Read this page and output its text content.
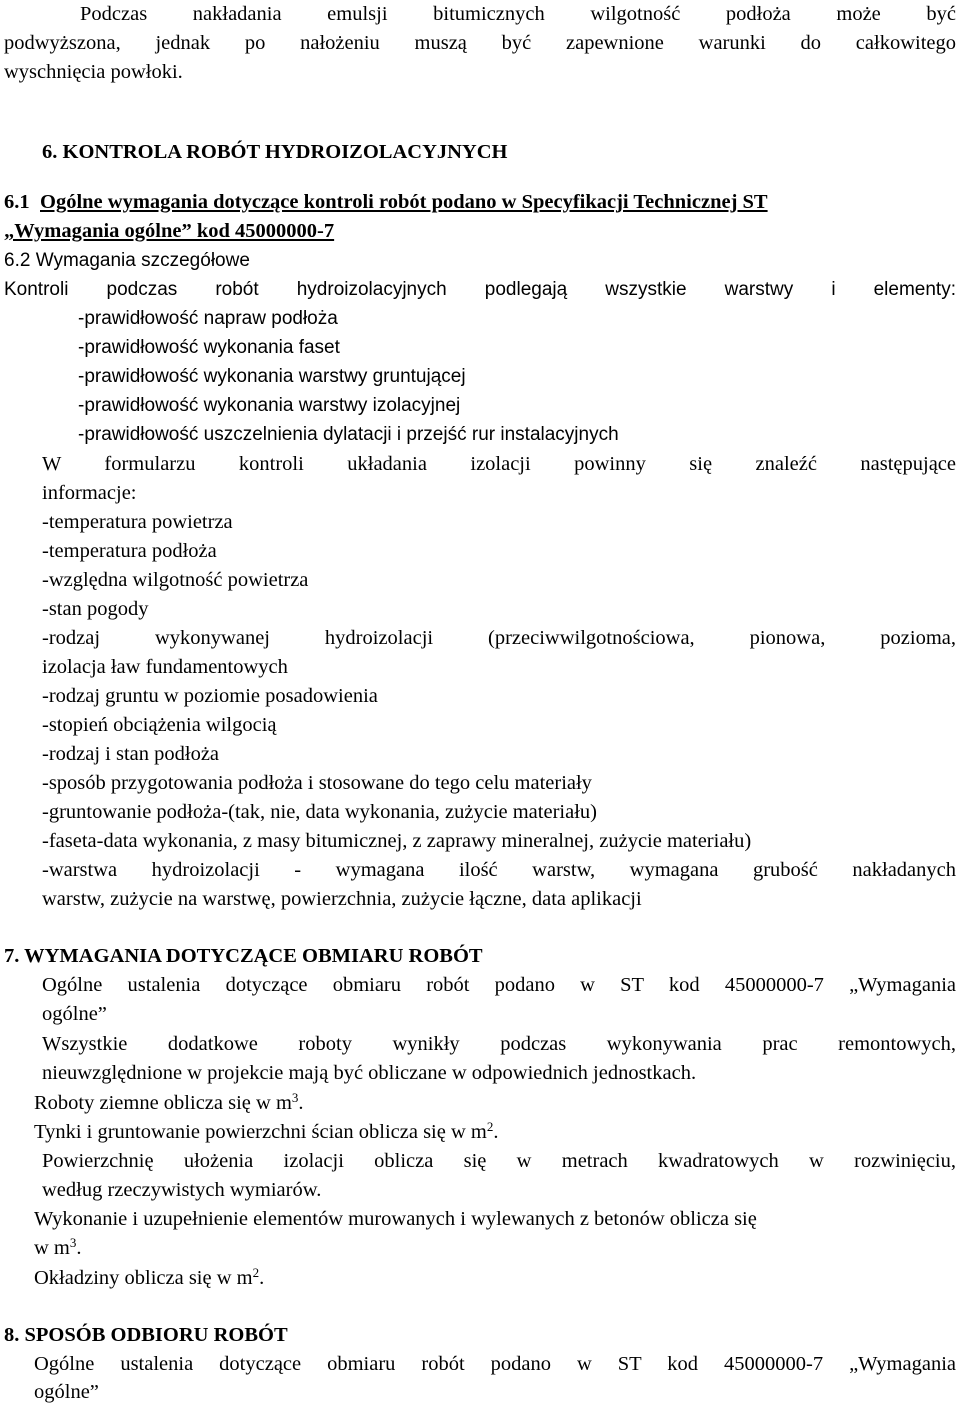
Podczas nakładania emulsji bitumicznych wilgotność podłoża może być
podwyższona, jednak po nałożeniu muszą być zapewnione warunki do całkowitego
wyschnięcia powłoki.
6. KONTROLA ROBÓT HYDROIZOLACYJNYCH
6.1 Ogólne wymagania dotyczące kontroli robót podano w Specyfikacji Technicznej ST
„Wymagania ogólne” kod 45000000-7
6.2 Wymagania szczegółowe
Kontroli podczas robót hydroizolacyjnych podlegają wszystkie warstwy i elementy:
-prawidłowość napraw podłoża
-prawidłowość wykonania faset
-prawidłowość wykonania warstwy gruntującej
-prawidłowość wykonania warstwy izolacyjnej
-prawidłowość uszczelnienia dylatacji i przejść rur instalacyjnych
W formularzu kontroli układania izolacji powinny się znaleźć następujące
informacje:
-temperatura powietrza
-temperatura podłoża
-względna wilgotność powietrza
-stan pogody
-rodzaj wykonywanej hydroizolacji (przeciwwilgotnościowa, pionowa, pozioma,
izolacja ław fundamentowych
-rodzaj gruntu w poziomie posadowienia
-stopień obciążenia wilgocią
-rodzaj i stan podłoża
-sposób przygotowania podłoża i stosowane do tego celu materiały
-gruntowanie podłoża-(tak, nie, data wykonania, zużycie materiału)
-faseta-data wykonania, z masy bitumicznej, z zaprawy mineralnej, zużycie materiału)
-warstwa hydroizolacji - wymagana ilość warstw, wymagana grubość nakładanych
warstw, zużycie na warstwę, powierzchnia, zużycie łączne, data aplikacji
7. WYMAGANIA DOTYCZĄCE OBMIARU ROBÓT
Ogólne ustalenia dotyczące obmiaru robót podano w ST kod 45000000-7 „Wymagania
ogólne”
Wszystkie dodatkowe roboty wynikły podczas wykonywania prac remontowych,
nieuwzględnione w projekcie mają być obliczane w odpowiednich jednostkach.
Roboty ziemne oblicza się w $m^3$.
Tynki i gruntowanie powierzchni ścian oblicza się w $m^2$.
Powierzchnię ułożenia izolacji oblicza się w metrach kwadratowych w rozwinięciu,
według rzeczywistych wymiarów.
Wykonanie i uzupełnienie elementów murowanych i wylewanych z betonów oblicza się
w $m^3$.
Okładziny oblicza się w $m^2$.
8. SPOSÓB ODBIORU ROBÓT
Ogólne ustalenia dotyczące obmiaru robót podano w ST kod 45000000-7 „Wymagania
ogólne”
